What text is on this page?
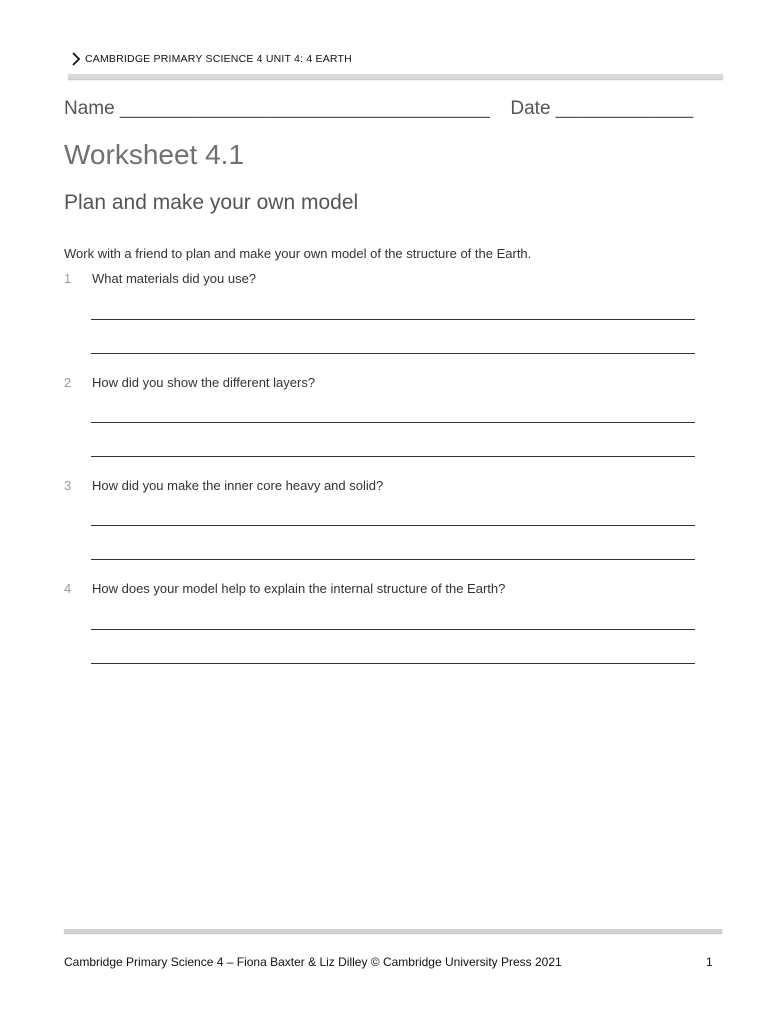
CAMBRIDGE PRIMARY SCIENCE 4 UNIT 4: 4 EARTH
Name ___________________________________ Date _____________
Worksheet 4.1
Plan and make your own model
Work with a friend to plan and make your own model of the structure of the Earth.
1 What materials did you use?
2 How did you show the different layers?
3 How did you make the inner core heavy and solid?
4 How does your model help to explain the internal structure of the Earth?
Cambridge Primary Science 4 – Fiona Baxter & Liz Dilley © Cambridge University Press 2021	1
